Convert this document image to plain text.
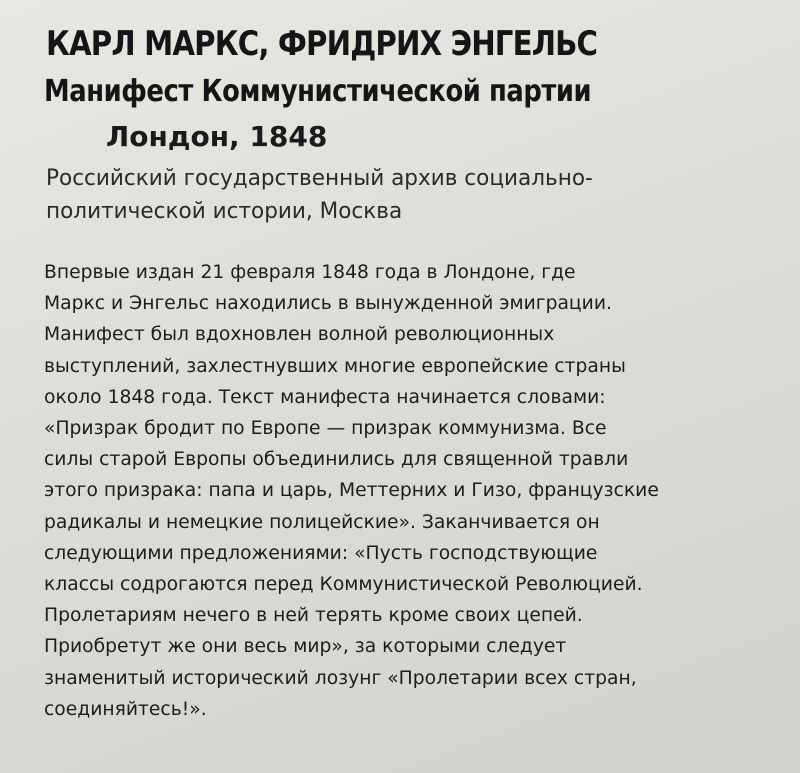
КАРЛ МАРКС, ФРИДРИХ ЭНГЕЛЬС
Манифест Коммунистической партии
Лондон, 1848

Российский государственный архив социально-
политической истории, Москва

Впервые издан 21 февраля 1848 года в Лондоне, где
Маркс и Энгельс находились в вынужденной эмиграции.
Манифест был вдохновлен волной революционных
выступлений, захлестнувших многие европейские страны
около 1848 года. Текст манифеста начинается словами:
«Призрак бродит по Европе — призрак коммунизма. Все
силы старой Европы объединились для священной травли
этого призрака: папа и царь, Меттерних и Гизо, французские
радикалы и немецкие полицейские». Заканчивается он
следующими предложениями: «Пусть господствующие
классы содрогаются перед Коммунистической Революцией.
Пролетариям нечего в ней терять кроме своих цепей.
Приобретут же они весь мир», за которыми следует
знаменитый исторический лозунг «Пролетарии всех стран,
соединяйтесь!».
